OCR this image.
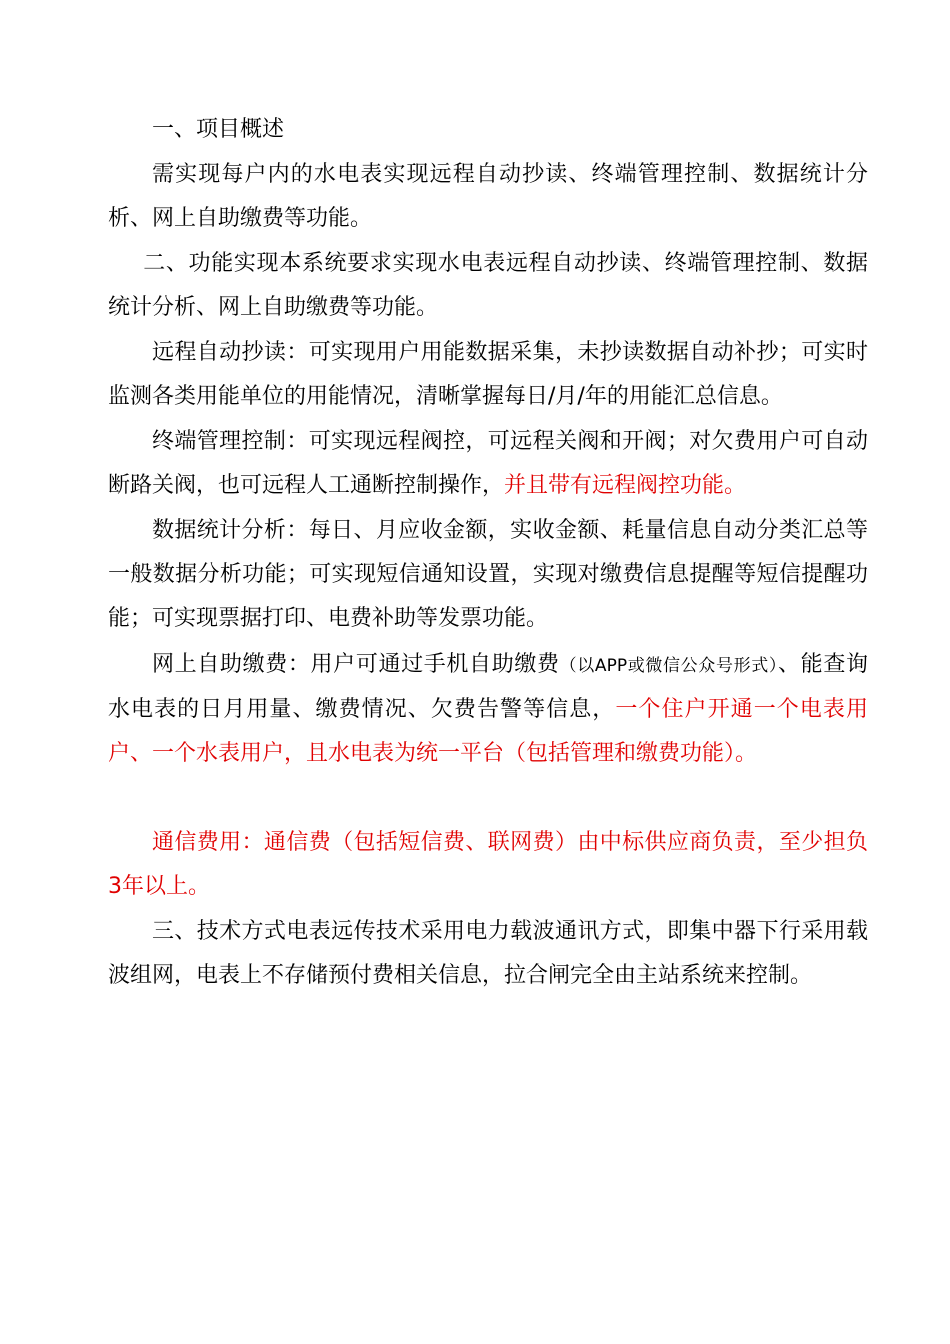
一、项目概述

需实现每户内的水电表实现远程自动抄读、终端管理控制、数据统计分析、网上自助缴费等功能。

二、功能实现本系统要求实现水电表远程自动抄读、终端管理控制、数据统计分析、网上自助缴费等功能。

远程自动抄读：可实现用户用能数据采集，未抄读数据自动补抄；可实时监测各类用能单位的用能情况，清晰掌握每日/月/年的用能汇总信息。

终端管理控制：可实现远程阀控，可远程关阀和开阀；对欠费用户可自动断路关阀，也可远程人工通断控制操作，并且带有远程阀控功能。

数据统计分析：每日、月应收金额，实收金额、耗量信息自动分类汇总等一般数据分析功能；可实现短信通知设置，实现对缴费信息提醒等短信提醒功能；可实现票据打印、电费补助等发票功能。

网上自助缴费：用户可通过手机自助缴费（以APP或微信公众号形式）、能查询水电表的日月用量、缴费情况、欠费告警等信息，一个住户开通一个电表用户、一个水表用户，且水电表为统一平台（包括管理和缴费功能）。

通信费用：通信费（包括短信费、联网费）由中标供应商负责，至少担负3年以上。

三、技术方式电表远传技术采用电力载波通讯方式，即集中器下行采用载波组网，电表上不存储预付费相关信息，拉合闸完全由主站系统来控制。
